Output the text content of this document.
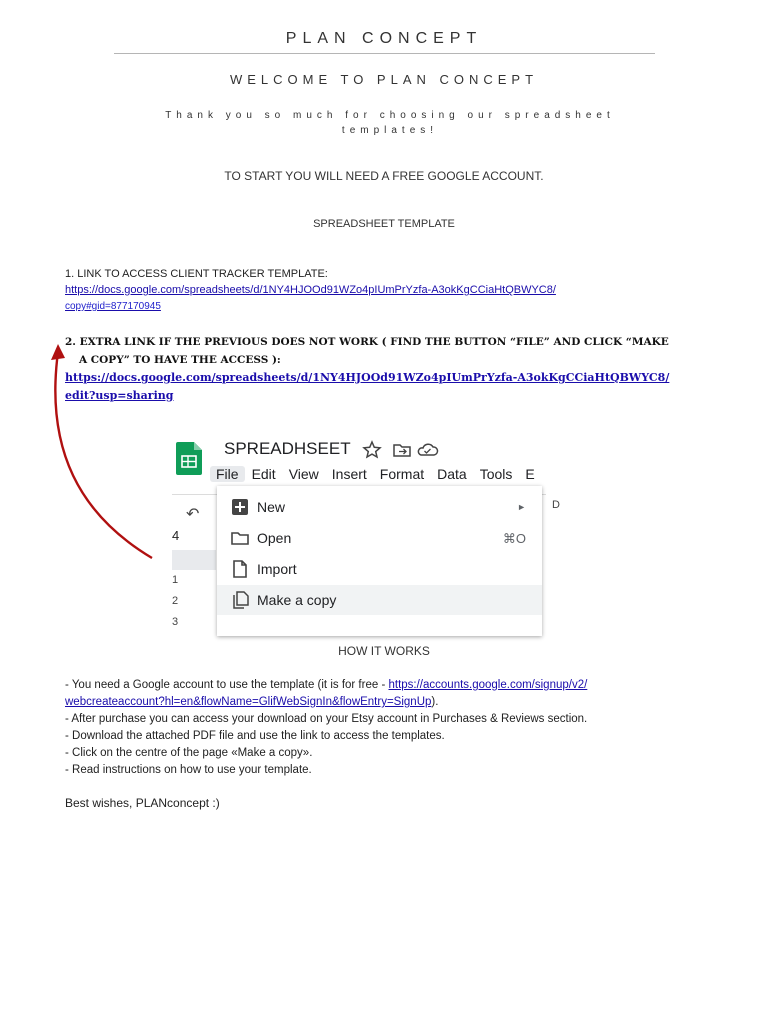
PLAN CONCEPT
WELCOME TO PLAN CONCEPT
Thank you so much for choosing our spreadsheet templates!
TO START YOU WILL NEED A FREE GOOGLE ACCOUNT.
SPREADSHEET TEMPLATE
1. LINK TO ACCESS CLIENT TRACKER TEMPLATE:
https://docs.google.com/spreadsheets/d/1NY4HJOOd91WZo4pIUmPrYzfa-A3okKgCCiaHtQBWYC8/
copy#gid=877170945
2. EXTRA LINK IF THE PREVIOUS DOES NOT WORK ( FIND THE BUTTON “FILE” AND CLICK “MAKE
A COPY” TO HAVE THE ACCESS ):
https://docs.google.com/spreadsheets/d/1NY4HJOOd91WZo4pIUmPrYzfa-A3okKgCCiaHtQBWYC8/
edit?usp=sharing
SPREADHSEET
File Edit View Insert Format Data Tools E
↶
4
1
2
3
D
New	►
Open	⌘O
Import
Make a copy
HOW IT WORKS
- You need a Google account to use the template (it is for free - https://accounts.google.com/signup/v2/
webcreateaccount?hl=en&flowName=GlifWebSignIn&flowEntry=SignUp).
- After purchase you can access your download on your Etsy account in Purchases & Reviews section.
- Download the attached PDF file and use the link to access the templates.
- Click on the centre of the page «Make a copy».
- Read instructions on how to use your template.
Best wishes, PLANconcept :)
